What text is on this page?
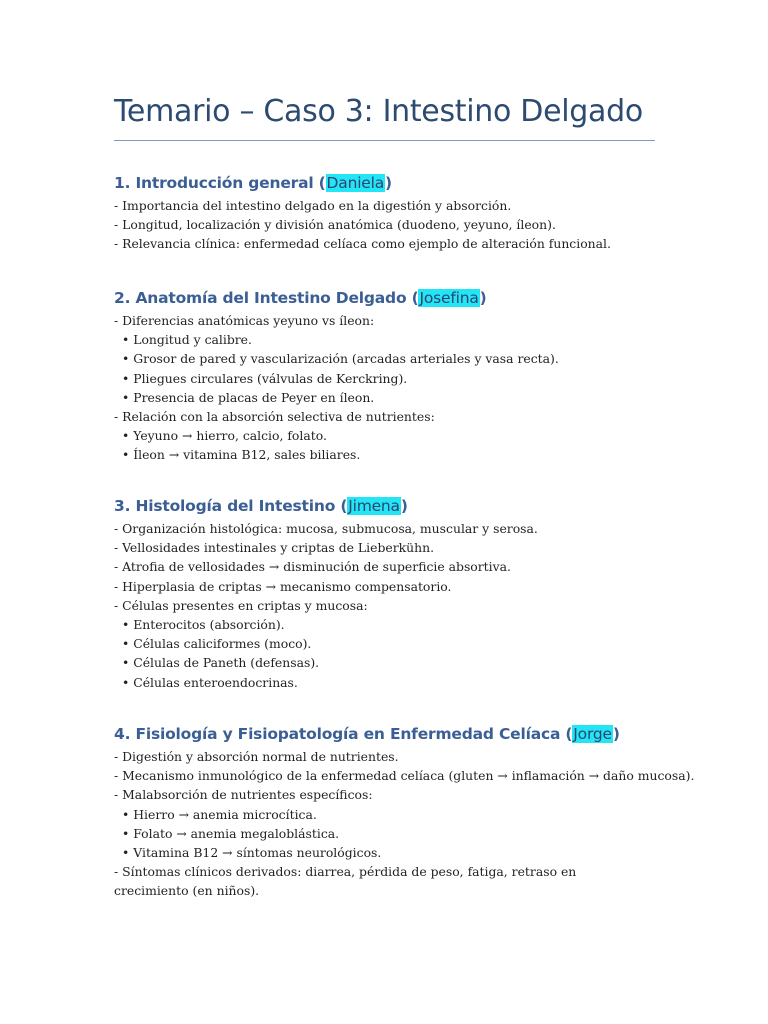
Temario – Caso 3: Intestino Delgado
1. Introducción general (Daniela)
- Importancia del intestino delgado en la digestión y absorción.
- Longitud, localización y división anatómica (duodeno, yeyuno, íleon).
- Relevancia clínica: enfermedad celíaca como ejemplo de alteración funcional.
2. Anatomía del Intestino Delgado (Josefina)
- Diferencias anatómicas yeyuno vs íleon:
• Longitud y calibre.
• Grosor de pared y vascularización (arcadas arteriales y vasa recta).
• Pliegues circulares (válvulas de Kerckring).
• Presencia de placas de Peyer en íleon.
- Relación con la absorción selectiva de nutrientes:
• Yeyuno → hierro, calcio, folato.
• Íleon → vitamina B12, sales biliares.
3. Histología del Intestino (Jimena)
- Organización histológica: mucosa, submucosa, muscular y serosa.
- Vellosidades intestinales y criptas de Lieberkühn.
- Atrofia de vellosidades → disminución de superficie absortiva.
- Hiperplasia de criptas → mecanismo compensatorio.
- Células presentes en criptas y mucosa:
• Enterocitos (absorción).
• Células caliciformes (moco).
• Células de Paneth (defensas).
• Células enteroendocrinas.
4. Fisiología y Fisiopatología en Enfermedad Celíaca (Jorge)
- Digestión y absorción normal de nutrientes.
- Mecanismo inmunológico de la enfermedad celíaca (gluten → inflamación → daño mucosa).
- Malabsorción de nutrientes específicos:
• Hierro → anemia microcítica.
• Folato → anemia megaloblástica.
• Vitamina B12 → síntomas neurológicos.
- Síntomas clínicos derivados: diarrea, pérdida de peso, fatiga, retraso en crecimiento (en niños).
